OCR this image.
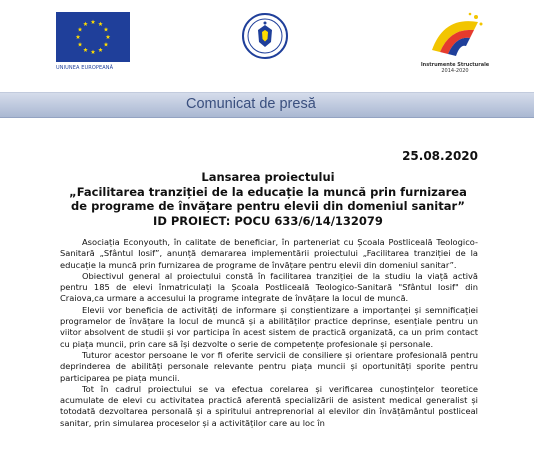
UNIUNEA EUROPEANĂ	Instrumente Structurale
2014-2020
Comunicat de presă
25.08.2020
Lansarea proiectului
„Facilitarea tranziției de la educație la muncă prin furnizarea
de programe de învățare pentru elevii din domeniul sanitar”
ID PROIECT: POCU 633/6/14/132079

Asociația Econyouth, în calitate de beneficiar, în parteneriat cu Școala Postliceală Teologico-Sanitară „Sfântul Iosif”, anunță demararea implementării proiectului „Facilitarea tranziției de la educație la muncă prin furnizarea de programe de învățare pentru elevii din domeniul sanitar”.

Obiectivul general al proiectului constă în facilitarea tranziției de la studiu la viață activă pentru 185 de elevi înmatriculați la Școala Postliceală Teologico-Sanitară "Sfântul Iosif" din Craiova,ca urmare a accesului la programe integrate de învățare la locul de muncă.

Elevii vor beneficia de activități de informare și conștientizare a importanței și semnificației programelor de învățare la locul de muncă și a abilităților practice deprinse, esențiale pentru un viitor absolvent de studii și vor participa în acest sistem de practică organizată, ca un prim contact cu piața muncii, prin care să își dezvolte o serie de competențe profesionale și personale.

Tuturor acestor persoane le vor fi oferite servicii de consiliere și orientare profesională pentru deprinderea de abilități personale relevante pentru piața muncii și oportunități sporite pentru participarea pe piața muncii.

Tot în cadrul proiectului se va efectua corelarea și verificarea cunoștințelor teoretice acumulate de elevi cu activitatea practică aferentă specializării de asistent medical generalist și totodată dezvoltarea personală și a spiritului antreprenorial al elevilor din învățământul postliceal sanitar, prin simularea proceselor și a activităților care au loc în
